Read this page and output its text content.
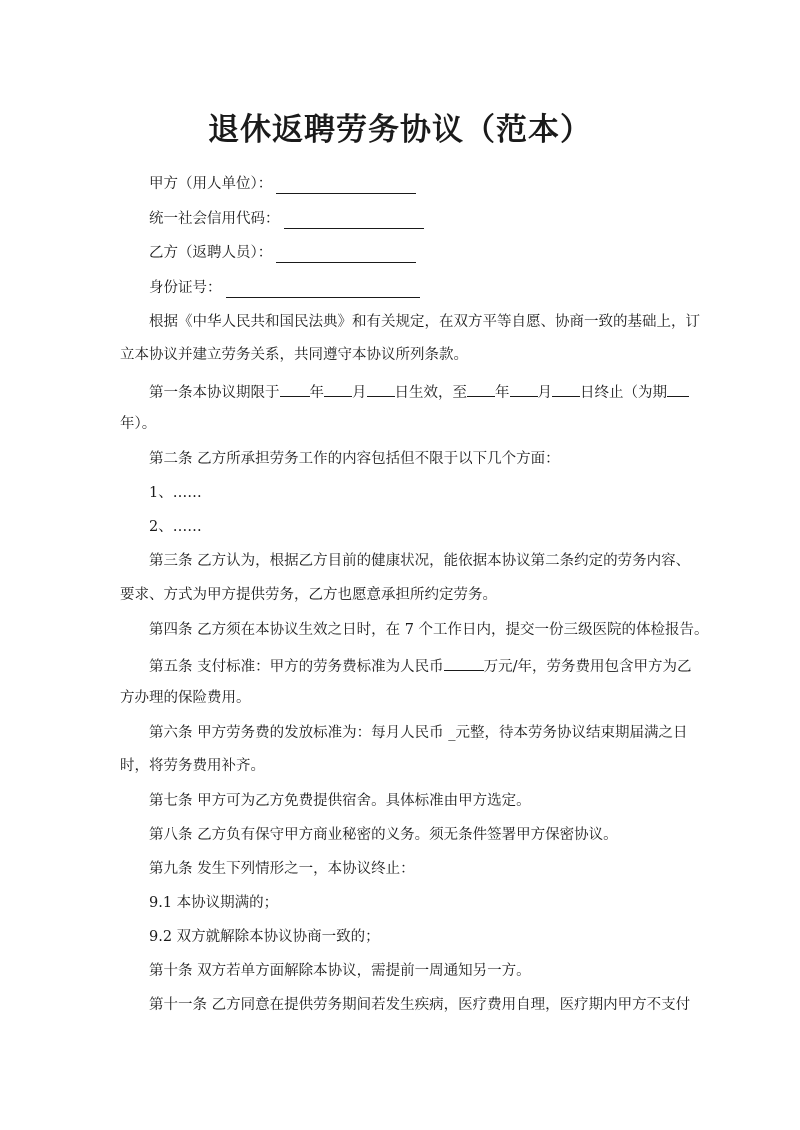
退休返聘劳务协议（范本）
甲方（用人单位）：
统一社会信用代码：
乙方（返聘人员）：
身份证号：
根据《中华人民共和国民法典》和有关规定，在双方平等自愿、协商一致的基础上，订
立本协议并建立劳务关系，共同遵守本协议所列条款。
第一条本协议期限于 年 月 日生效，至 年 月 日终止（为期
年）。
第二条 乙方所承担劳务工作的内容包括但不限于以下几个方面：
1、……
2、……
第三条 乙方认为，根据乙方目前的健康状况，能依据本协议第二条约定的劳务内容、
要求、方式为甲方提供劳务，乙方也愿意承担所约定劳务。
第四条 乙方须在本协议生效之日时，在 7 个工作日内，提交一份三级医院的体检报告。
第五条 支付标准：甲方的劳务费标准为人民币	万元/年，劳务费用包含甲方为乙
方办理的保险费用。
第六条 甲方劳务费的发放标准为：每月人民币 _元整，待本劳务协议结束期届满之日
时，将劳务费用补齐。
第七条 甲方可为乙方免费提供宿舍。具体标准由甲方选定。
第八条 乙方负有保守甲方商业秘密的义务。须无条件签署甲方保密协议。
第九条 发生下列情形之一，本协议终止：
9.1 本协议期满的；
9.2 双方就解除本协议协商一致的；
第十条 双方若单方面解除本协议，需提前一周通知另一方。
第十一条 乙方同意在提供劳务期间若发生疾病，医疗费用自理，医疗期内甲方不支付
